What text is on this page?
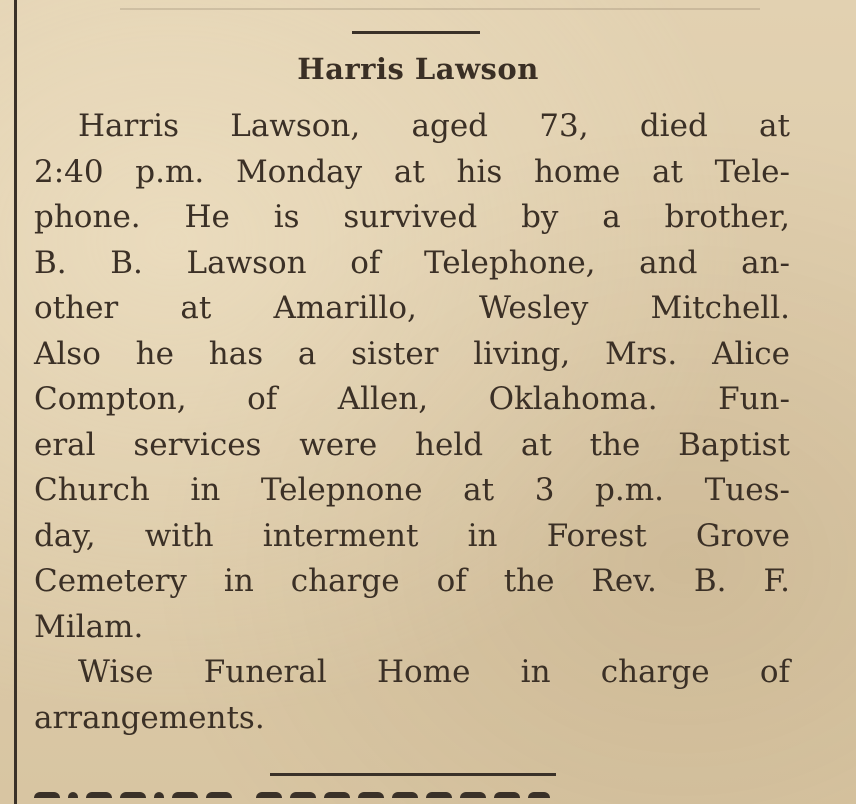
Harris Lawson
Harris Lawson, aged 73, died at
2:40 p.m. Monday at his home at Tele-
phone. He is survived by a brother,
B. B. Lawson of Telephone, and an-
other at Amarillo, Wesley Mitchell.
Also he has a sister living, Mrs. Alice
Compton, of Allen, Oklahoma. Fun-
eral services were held at the Baptist
Church in Telepnone at 3 p.m. Tues-
day, with interment in Forest Grove
Cemetery in charge of the Rev. B. F.
Milam.
Wise Funeral Home in charge of
arrangements.
